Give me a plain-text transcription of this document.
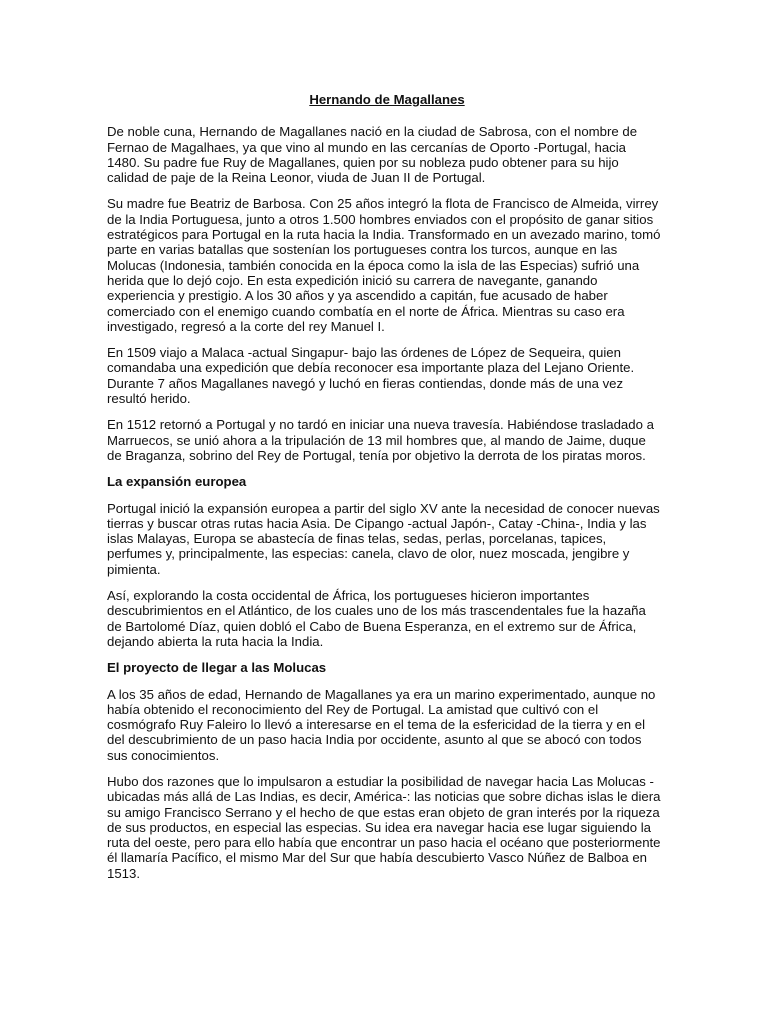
Hernando de Magallanes
De noble cuna, Hernando de Magallanes nació en la ciudad de Sabrosa, con el nombre de
Fernao de Magalhaes, ya que vino al mundo en las cercanías de Oporto -Portugal, hacia
1480. Su padre fue Ruy de Magallanes, quien por su nobleza pudo obtener para su hijo
calidad de paje de la Reina Leonor, viuda de Juan II de Portugal.
Su madre fue Beatriz de Barbosa. Con 25 años integró la flota de Francisco de Almeida, virrey
de la India Portuguesa, junto a otros 1.500 hombres enviados con el propósito de ganar sitios
estratégicos para Portugal en la ruta hacia la India. Transformado en un avezado marino, tomó
parte en varias batallas que sostenían los portugueses contra los turcos, aunque en las
Molucas (Indonesia, también conocida en la época como la isla de las Especias) sufrió una
herida que lo dejó cojo. En esta expedición inició su carrera de navegante, ganando
experiencia y prestigio. A los 30 años y ya ascendido a capitán, fue acusado de haber
comerciado con el enemigo cuando combatía en el norte de África. Mientras su caso era
investigado, regresó a la corte del rey Manuel I.
En 1509 viajo a Malaca -actual Singapur- bajo las órdenes de López de Sequeira, quien
comandaba una expedición que debía reconocer esa importante plaza del Lejano Oriente.
Durante 7 años Magallanes navegó y luchó en fieras contiendas, donde más de una vez
resultó herido.
En 1512 retornó a Portugal y no tardó en iniciar una nueva travesía. Habiéndose trasladado a
Marruecos, se unió ahora a la tripulación de 13 mil hombres que, al mando de Jaime, duque
de Braganza, sobrino del Rey de Portugal, tenía por objetivo la derrota de los piratas moros.
La expansión europea
Portugal inició la expansión europea a partir del siglo XV ante la necesidad de conocer nuevas
tierras y buscar otras rutas hacia Asia. De Cipango -actual Japón-, Catay -China-, India y las
islas Malayas, Europa se abastecía de finas telas, sedas, perlas, porcelanas, tapices,
perfumes y, principalmente, las especias: canela, clavo de olor, nuez moscada, jengibre y
pimienta.
Así, explorando la costa occidental de África, los portugueses hicieron importantes
descubrimientos en el Atlántico, de los cuales uno de los más trascendentales fue la hazaña
de Bartolomé Díaz, quien dobló el Cabo de Buena Esperanza, en el extremo sur de África,
dejando abierta la ruta hacia la India.
El proyecto de llegar a las Molucas
A los 35 años de edad, Hernando de Magallanes ya era un marino experimentado, aunque no
había obtenido el reconocimiento del Rey de Portugal. La amistad que cultivó con el
cosmógrafo Ruy Faleiro lo llevó a interesarse en el tema de la esfericidad de la tierra y en el
del descubrimiento de un paso hacia India por occidente, asunto al que se abocó con todos
sus conocimientos.
Hubo dos razones que lo impulsaron a estudiar la posibilidad de navegar hacia Las Molucas -
ubicadas más allá de Las Indias, es decir, América-: las noticias que sobre dichas islas le diera
su amigo Francisco Serrano y el hecho de que estas eran objeto de gran interés por la riqueza
de sus productos, en especial las especias. Su idea era navegar hacia ese lugar siguiendo la
ruta del oeste, pero para ello había que encontrar un paso hacia el océano que posteriormente
él llamaría Pacífico, el mismo Mar del Sur que había descubierto Vasco Núñez de Balboa en
1513.
